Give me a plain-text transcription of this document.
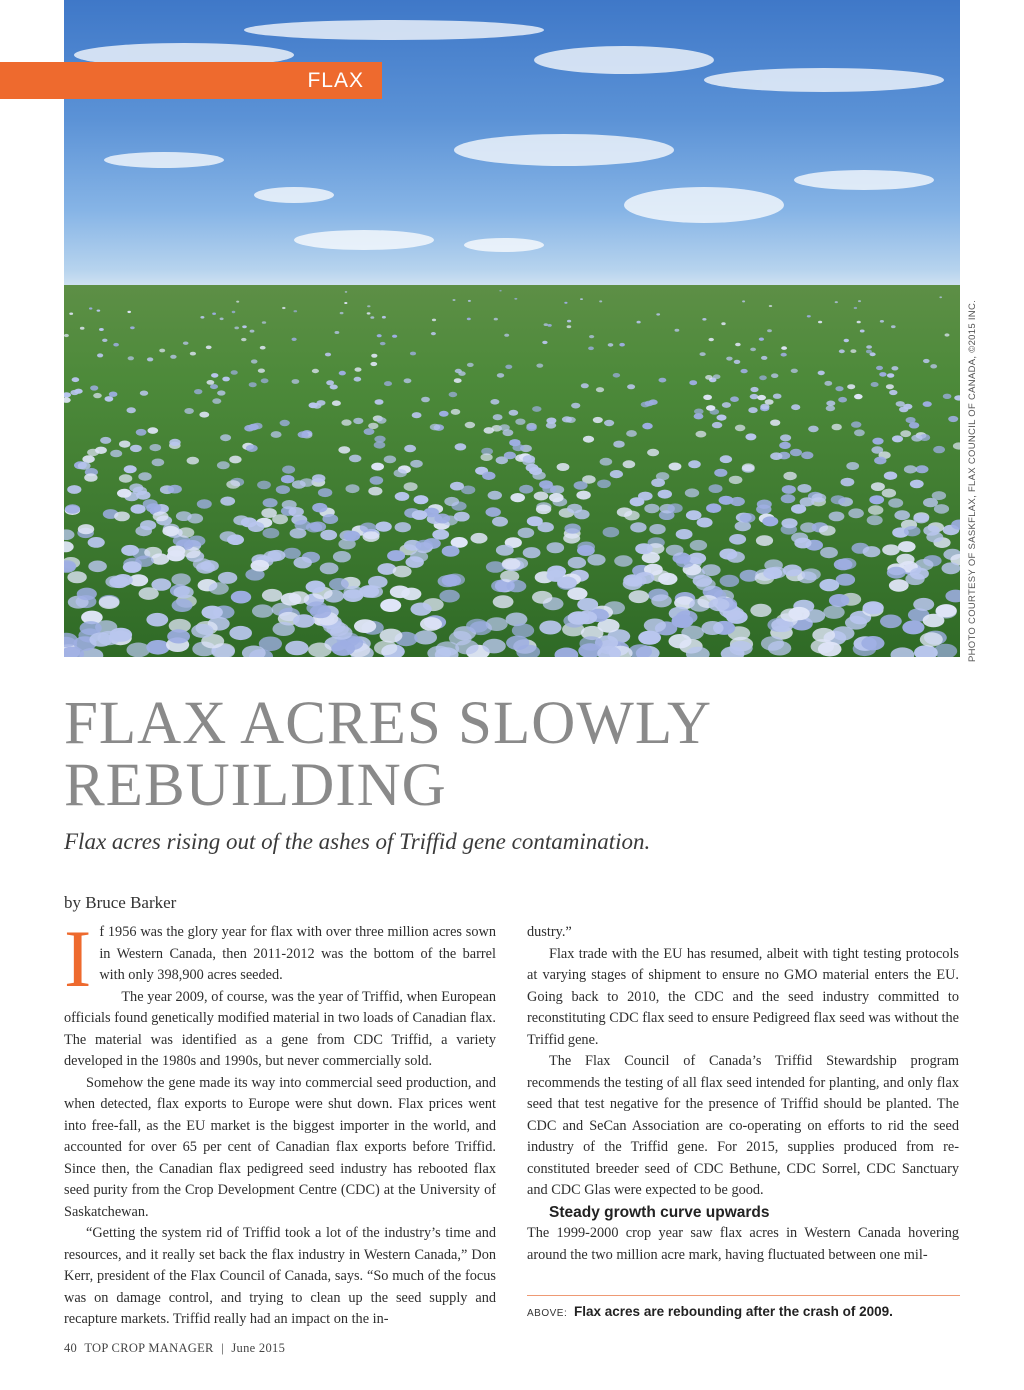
FLAX
PHOTO COURTESY OF SASKFLAX, FLAX COUNCIL OF CANADA, ©2015 INC.
FLAX ACRES SLOWLY
REBUILDING

Flax acres rising out of the ashes of Triffid gene contamination.

by Bruce Barker

If 1956 was the glory year for flax with over three million acres sown in Western Canada, then 2011-2012 was the bottom of the barrel with only 398,900 acres seeded.

The year 2009, of course, was the year of Triffid, when European officials found genetically modified material in two loads of Canadian flax. The material was identified as a gene from CDC Triffid, a variety developed in the 1980s and 1990s, but never commercially sold.

Somehow the gene made its way into commercial seed production, and when detected, flax exports to Europe were shut down. Flax prices went into free-fall, as the EU market is the biggest importer in the world, and accounted for over 65 per cent of Canadian flax exports before Triffid. Since then, the Canadian flax pedigreed seed industry has rebooted flax seed purity from the Crop Development Centre (CDC) at the University of Saskatchewan.

“Getting the system rid of Triffid took a lot of the industry’s time and resources, and it really set back the flax industry in Western Canada,” Don Kerr, president of the Flax Council of Canada, says. “So much of the focus was on damage control, and trying to clean up the seed supply and recapture markets. Triffid really had an impact on the in-

dustry.”

Flax trade with the EU has resumed, albeit with tight testing protocols at varying stages of shipment to ensure no GMO material enters the EU. Going back to 2010, the CDC and the seed industry committed to reconstituting CDC flax seed to ensure Pedigreed flax seed was without the Triffid gene.

The Flax Council of Canada’s Triffid Stewardship program recommends the testing of all flax seed intended for planting, and only flax seed that test negative for the presence of Triffid should be planted. The CDC and SeCan Association are co-operating on efforts to rid the seed industry of the Triffid gene. For 2015, supplies produced from re-constituted breeder seed of CDC Bethune, CDC Sorrel, CDC Sanctuary and CDC Glas were expected to be good.

Steady growth curve upwards

The 1999-2000 crop year saw flax acres in Western Canada hovering around the two million acre mark, having fluctuated between one mil-

ABOVE: Flax acres are rebounding after the crash of 2009.
40 TOP CROP MANAGER | June 2015
